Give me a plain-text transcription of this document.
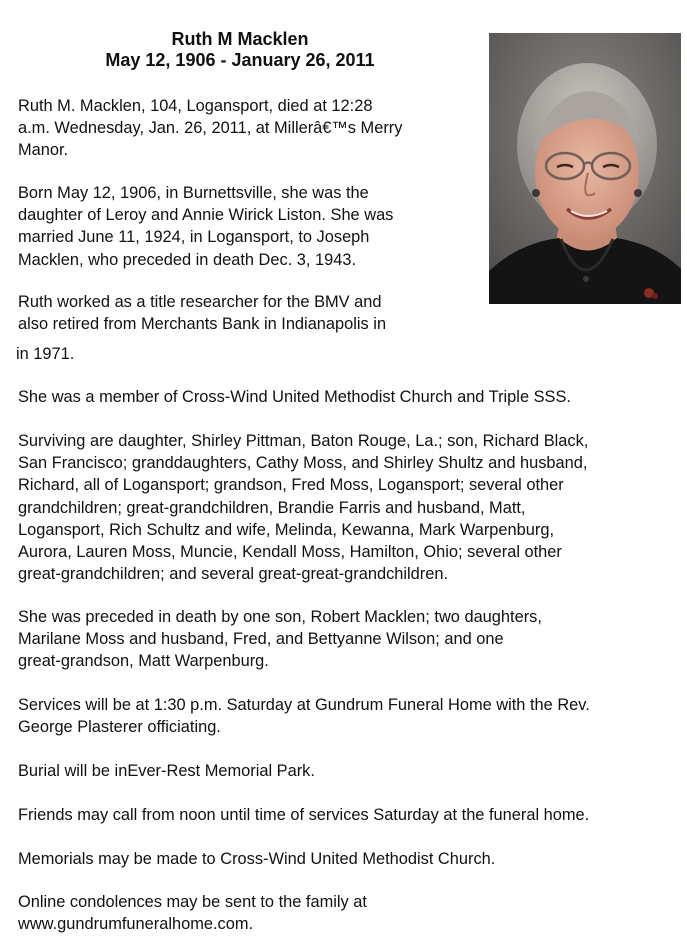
Ruth M Macklen
May 12, 1906 - January 26, 2011
Ruth M. Macklen, 104, Logansport, died at 12:28
a.m. Wednesday, Jan. 26, 2011, at Millerâ€™s Merry
Manor.
Born May 12, 1906, in Burnettsville, she was the
daughter of Leroy and Annie Wirick Liston. She was
married June 11, 1924, in Logansport, to Joseph
Macklen, who preceded in death Dec. 3, 1943.
Ruth worked as a title researcher for the BMV and
also retired from Merchants Bank in Indianapolis in
in 1971.
She was a member of Cross-Wind United Methodist Church and Triple SSS.
Surviving are daughter, Shirley Pittman, Baton Rouge, La.; son, Richard Black,
San Francisco; granddaughters, Cathy Moss, and Shirley Shultz and husband,
Richard, all of Logansport; grandson, Fred Moss, Logansport; several other
grandchildren; great-grandchildren, Brandie Farris and husband, Matt,
Logansport, Rich Schultz and wife, Melinda, Kewanna, Mark Warpenburg,
Aurora, Lauren Moss, Muncie, Kendall Moss, Hamilton, Ohio; several other
great-grandchildren; and several great-great-grandchildren.
She was preceded in death by one son, Robert Macklen; two daughters,
Marilane Moss and husband, Fred, and Bettyanne Wilson; and one
great-grandson, Matt Warpenburg.
Services will be at 1:30 p.m. Saturday at Gundrum Funeral Home with the Rev.
George Plasterer officiating.
Burial will be inEver-Rest Memorial Park.
Friends may call from noon until time of services Saturday at the funeral home.
Memorials may be made to Cross-Wind United Methodist Church.
Online condolences may be sent to the family at
www.gundrumfuneralhome.com.
